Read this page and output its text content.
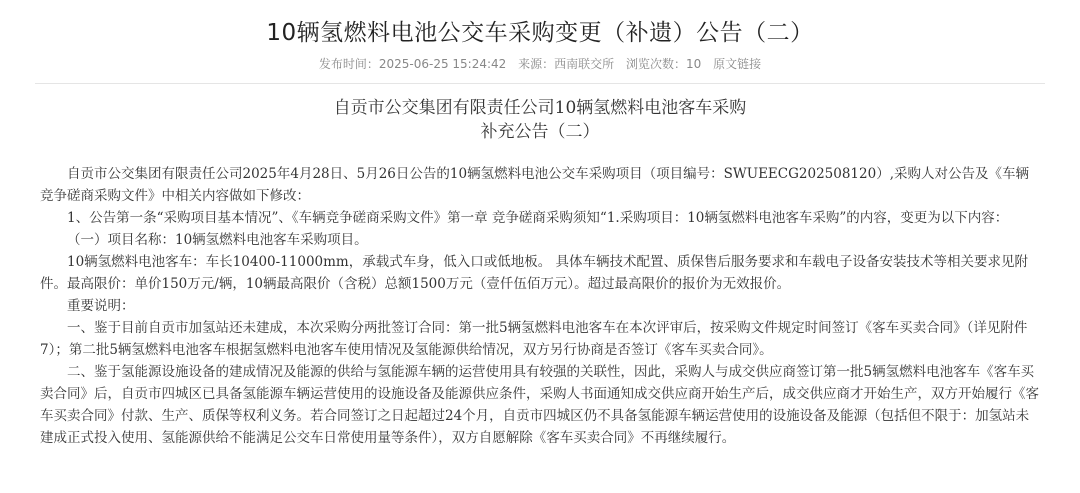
10辆氢燃料电池公交车采购变更（补遗）公告（二）
发布时间：2025-06-25 15:24:42 来源：西南联交所 浏览次数：10 原文链接
自贡市公交集团有限责任公司10辆氢燃料电池客车采购
补充公告（二）

自贡市公交集团有限责任公司2025年4月28日、5月26日公告的10辆氢燃料电池公交车采购项目（项目编号：SWUEECG202508120）,采购人对公告及《车辆竞争磋商采购文件》中相关内容做如下修改：

1、公告第一条“采购项目基本情况”、《车辆竞争磋商采购文件》第一章 竞争磋商采购须知“1.采购项目：10辆氢燃料电池客车采购”的内容，变更为以下内容：

（一）项目名称：10辆氢燃料电池客车采购项目。

10辆氢燃料电池客车：车长10400-11000mm，承载式车身，低入口或低地板。 具体车辆技术配置、质保售后服务要求和车载电子设备安装技术等相关要求见附件。最高限价：单价150万元/辆，10辆最高限价（含税）总额1500万元（壹仟伍佰万元）。超过最高限价的报价为无效报价。

重要说明：

一、鉴于目前自贡市加氢站还未建成，本次采购分两批签订合同：第一批5辆氢燃料电池客车在本次评审后，按采购文件规定时间签订《客车买卖合同》（详见附件7）；第二批5辆氢燃料电池客车根据氢燃料电池客车使用情况及氢能源供给情况，双方另行协商是否签订《客车买卖合同》。

二、鉴于氢能源设施设备的建成情况及能源的供给与氢能源车辆的运营使用具有较强的关联性，因此，采购人与成交供应商签订第一批5辆氢燃料电池客车《客车买卖合同》后，自贡市四城区已具备氢能源车辆运营使用的设施设备及能源供应条件，采购人书面通知成交供应商开始生产后，成交供应商才开始生产，双方开始履行《客车买卖合同》付款、生产、质保等权利义务。若合同签订之日起超过24个月，自贡市四城区仍不具备氢能源车辆运营使用的设施设备及能源（包括但不限于：加氢站未建成正式投入使用、氢能源供给不能满足公交车日常使用量等条件），双方自愿解除《客车买卖合同》不再继续履行。
